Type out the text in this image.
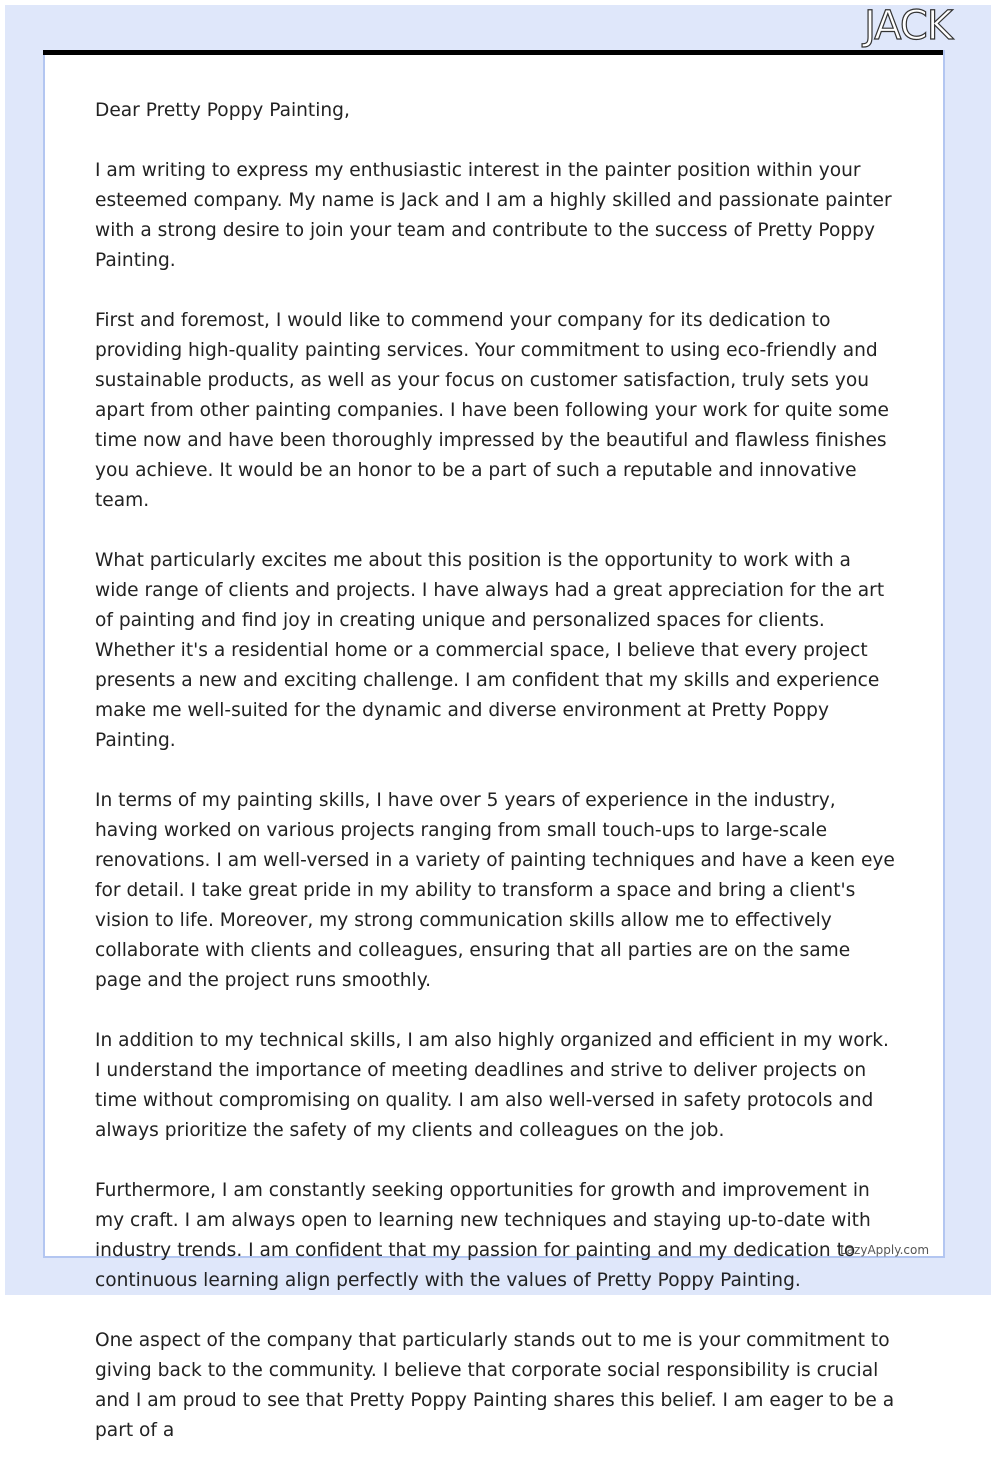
JACK

Dear Pretty Poppy Painting,

I am writing to express my enthusiastic interest in the painter position within your esteemed company. My name is Jack and I am a highly skilled and passionate painter with a strong desire to join your team and contribute to the success of Pretty Poppy Painting.

First and foremost, I would like to commend your company for its dedication to providing high-quality painting services. Your commitment to using eco-friendly and sustainable products, as well as your focus on customer satisfaction, truly sets you apart from other painting companies. I have been following your work for quite some time now and have been thoroughly impressed by the beautiful and flawless finishes you achieve. It would be an honor to be a part of such a reputable and innovative team.

What particularly excites me about this position is the opportunity to work with a wide range of clients and projects. I have always had a great appreciation for the art of painting and find joy in creating unique and personalized spaces for clients. Whether it's a residential home or a commercial space, I believe that every project presents a new and exciting challenge. I am confident that my skills and experience make me well-suited for the dynamic and diverse environment at Pretty Poppy Painting.

In terms of my painting skills, I have over 5 years of experience in the industry, having worked on various projects ranging from small touch-ups to large-scale renovations. I am well-versed in a variety of painting techniques and have a keen eye for detail. I take great pride in my ability to transform a space and bring a client's vision to life. Moreover, my strong communication skills allow me to effectively collaborate with clients and colleagues, ensuring that all parties are on the same page and the project runs smoothly.

In addition to my technical skills, I am also highly organized and efficient in my work. I understand the importance of meeting deadlines and strive to deliver projects on time without compromising on quality. I am also well-versed in safety protocols and always prioritize the safety of my clients and colleagues on the job.

Furthermore, I am constantly seeking opportunities for growth and improvement in my craft. I am always open to learning new techniques and staying up-to-date with industry trends. I am confident that my passion for painting and my dedication to continuous learning align perfectly with the values of Pretty Poppy Painting.

One aspect of the company that particularly stands out to me is your commitment to giving back to the community. I believe that corporate social responsibility is crucial and I am proud to see that Pretty Poppy Painting shares this belief. I am eager to be a part of a

LazyApply.com
